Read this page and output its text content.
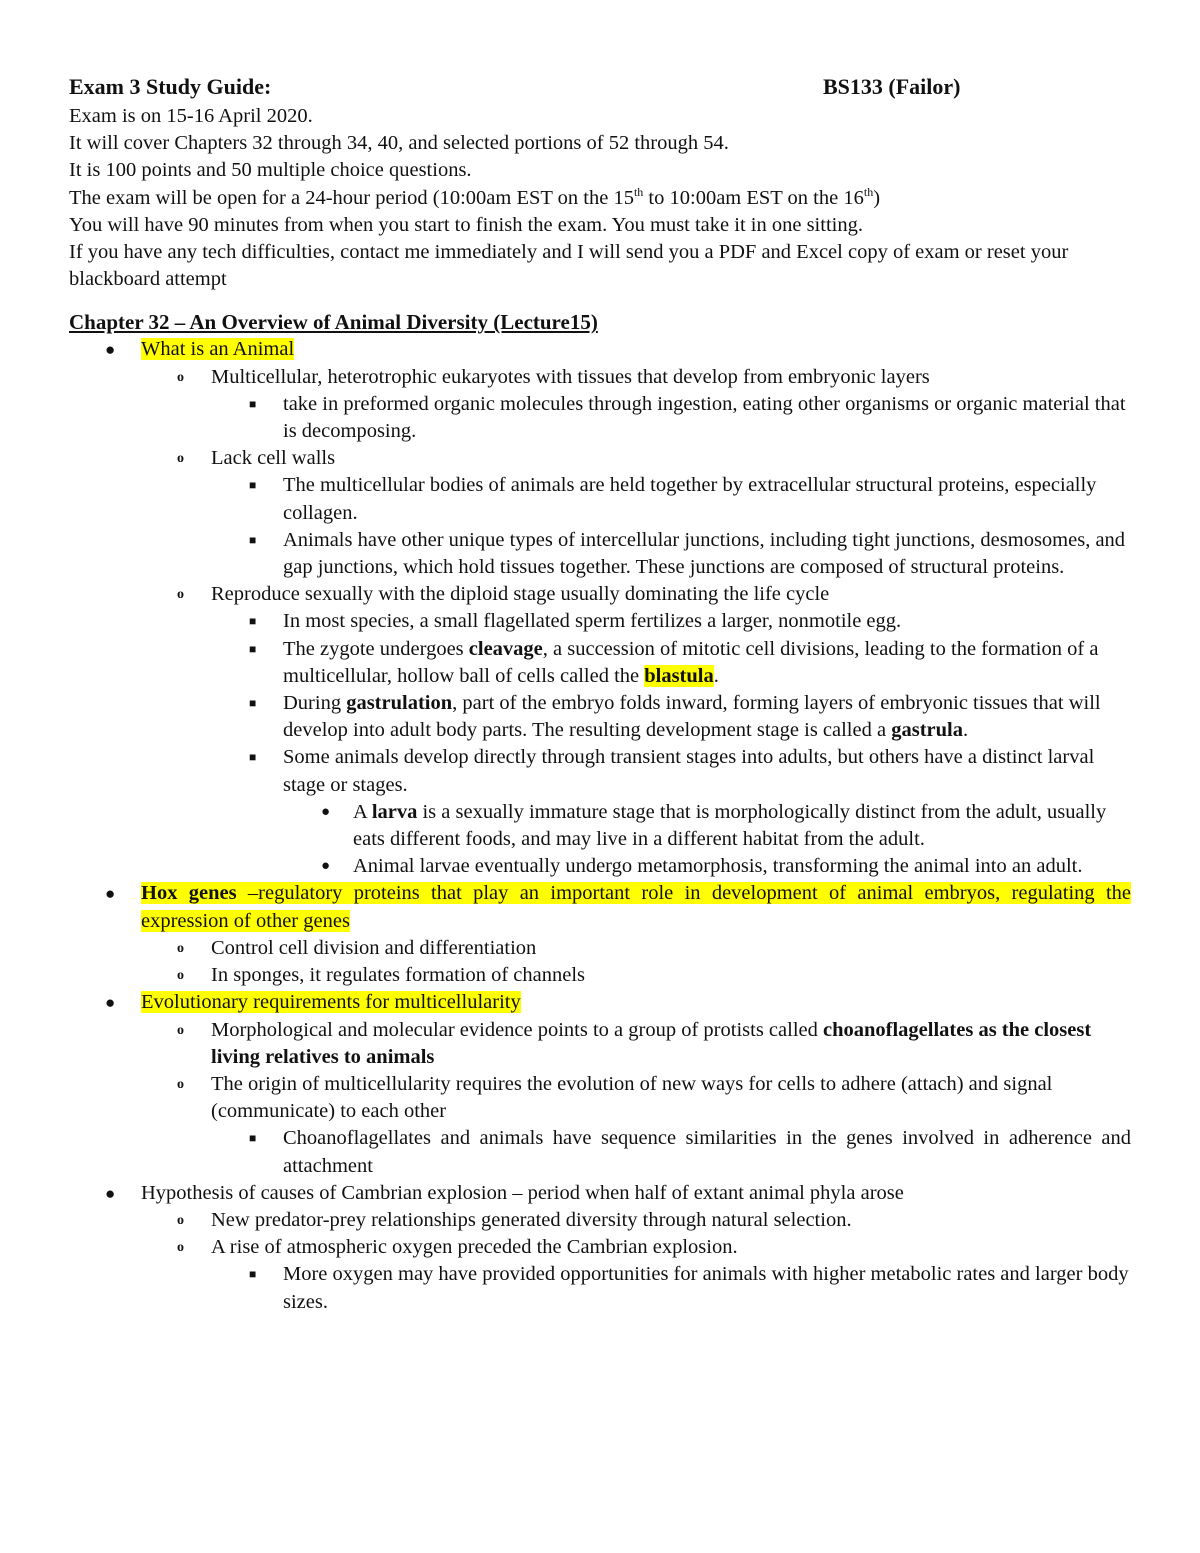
Exam 3 Study Guide:	BS133 (Failor)

Exam is on 15-16 April 2020.

It will cover Chapters 32 through 34, 40, and selected portions of 52 through 54.

It is 100 points and 50 multiple choice questions.

The exam will be open for a 24-hour period (10:00am EST on the 15th to 10:00am EST on the 16th)

You will have 90 minutes from when you start to finish the exam. You must take it in one sitting.

If you have any tech difficulties, contact me immediately and I will send you a PDF and Excel copy of exam or reset your blackboard attempt

Chapter 32 – An Overview of Animal Diversity (Lecture15)
● What is an Animal
o Multicellular, heterotrophic eukaryotes with tissues that develop from embryonic layers
■ take in preformed organic molecules through ingestion, eating other organisms or organic material that is decomposing.
o Lack cell walls
■ The multicellular bodies of animals are held together by extracellular structural proteins, especially collagen.
■ Animals have other unique types of intercellular junctions, including tight junctions, desmosomes, and gap junctions, which hold tissues together. These junctions are composed of structural proteins.
o Reproduce sexually with the diploid stage usually dominating the life cycle
■ In most species, a small flagellated sperm fertilizes a larger, nonmotile egg.
■ The zygote undergoes cleavage, a succession of mitotic cell divisions, leading to the formation of a multicellular, hollow ball of cells called the blastula.
■ During gastrulation, part of the embryo folds inward, forming layers of embryonic tissues that will develop into adult body parts. The resulting development stage is called a gastrula.
■ Some animals develop directly through transient stages into adults, but others have a distinct larval stage or stages.
● A larva is a sexually immature stage that is morphologically distinct from the adult, usually eats different foods, and may live in a different habitat from the adult.
● Animal larvae eventually undergo metamorphosis, transforming the animal into an adult.
● Hox genes –regulatory proteins that play an important role in development of animal embryos, regulating the expression of other genes
o Control cell division and differentiation
o In sponges, it regulates formation of channels
● Evolutionary requirements for multicellularity
o Morphological and molecular evidence points to a group of protists called choanoflagellates as the closest living relatives to animals
o The origin of multicellularity requires the evolution of new ways for cells to adhere (attach) and signal (communicate) to each other
■ Choanoflagellates and animals have sequence similarities in the genes involved in adherence and attachment
● Hypothesis of causes of Cambrian explosion – period when half of extant animal phyla arose
o New predator-prey relationships generated diversity through natural selection.
o A rise of atmospheric oxygen preceded the Cambrian explosion.
■ More oxygen may have provided opportunities for animals with higher metabolic rates and larger body sizes.
